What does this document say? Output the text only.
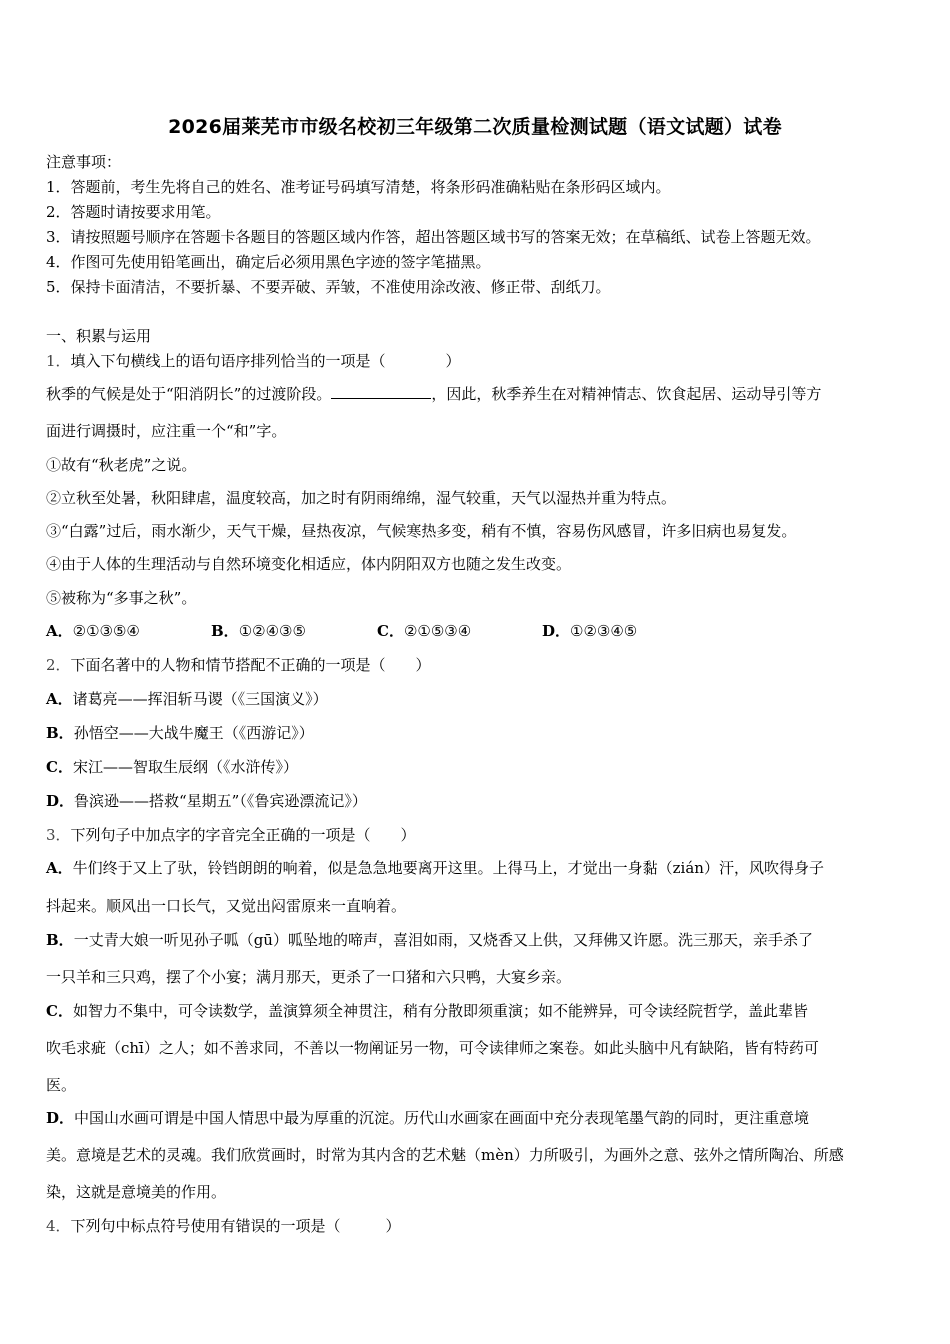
2026届莱芜市市级名校初三年级第二次质量检测试题（语文试题）试卷
注意事项：
1．答题前，考生先将自己的姓名、准考证号码填写清楚，将条形码准确粘贴在条形码区域内。
2．答题时请按要求用笔。
3．请按照题号顺序在答题卡各题目的答题区域内作答，超出答题区域书写的答案无效；在草稿纸、试卷上答题无效。
4．作图可先使用铅笔画出，确定后必须用黑色字迹的签字笔描黑。
5．保持卡面清洁，不要折暴、不要弄破、弄皱，不准使用涂改液、修正带、刮纸刀。
一、积累与运用
1．填入下句横线上的语句语序排列恰当的一项是（　　　　）
秋季的气候是处于“阳消阴长”的过渡阶段。	，因此，秋季养生在对精神情志、饮食起居、运动导引等方
面进行调摄时，应注重一个“和”字。
①故有“秋老虎”之说。
②立秋至处暑，秋阳肆虐，温度较高，加之时有阴雨绵绵，湿气较重，天气以湿热并重为特点。
③“白露”过后，雨水渐少，天气干燥，昼热夜凉，气候寒热多变，稍有不慎，容易伤风感冒，许多旧病也易复发。
④由于人体的生理活动与自然环境变化相适应，体内阴阳双方也随之发生改变。
⑤被称为“多事之秋”。
A．②①③⑤④	B．①②④③⑤	C．②①⑤③④	D．①②③④⑤
2．下面名著中的人物和情节搭配不正确的一项是（　　）
A．诸葛亮——挥泪斩马谡（《三国演义》）
B．孙悟空——大战牛魔王（《西游记》）
C．宋江——智取生辰纲（《水浒传》）
D．鲁滨逊——搭救“星期五”（《鲁宾逊漂流记》）
3．下列句子中加点字的字音完全正确的一项是（　　）
A．牛们终于又上了驮，铃铛朗朗的响着，似是急急地要离开这里。上得马上，才觉出一身黏（zián）汗，风吹得身子
抖起来。顺风出一口长气，又觉出闷雷原来一直响着。
B．一丈青大娘一听见孙子呱（gū）呱坠地的啼声，喜泪如雨，又烧香又上供，又拜佛又许愿。洗三那天，亲手杀了
一只羊和三只鸡，摆了个小宴；满月那天，更杀了一口猪和六只鸭，大宴乡亲。
C．如智力不集中，可令读数学，盖演算须全神贯注，稍有分散即须重演；如不能辨异，可令读经院哲学，盖此辈皆
吹毛求疵（chī）之人；如不善求同，不善以一物阐证另一物，可令读律师之案卷。如此头脑中凡有缺陷，皆有特药可
医。
D．中国山水画可谓是中国人情思中最为厚重的沉淀。历代山水画家在画面中充分表现笔墨气韵的同时，更注重意境
美。意境是艺术的灵魂。我们欣赏画时，时常为其内含的艺术魅（mèn）力所吸引，为画外之意、弦外之情所陶冶、所感
染，这就是意境美的作用。
4．下列句中标点符号使用有错误的一项是（　　　）
